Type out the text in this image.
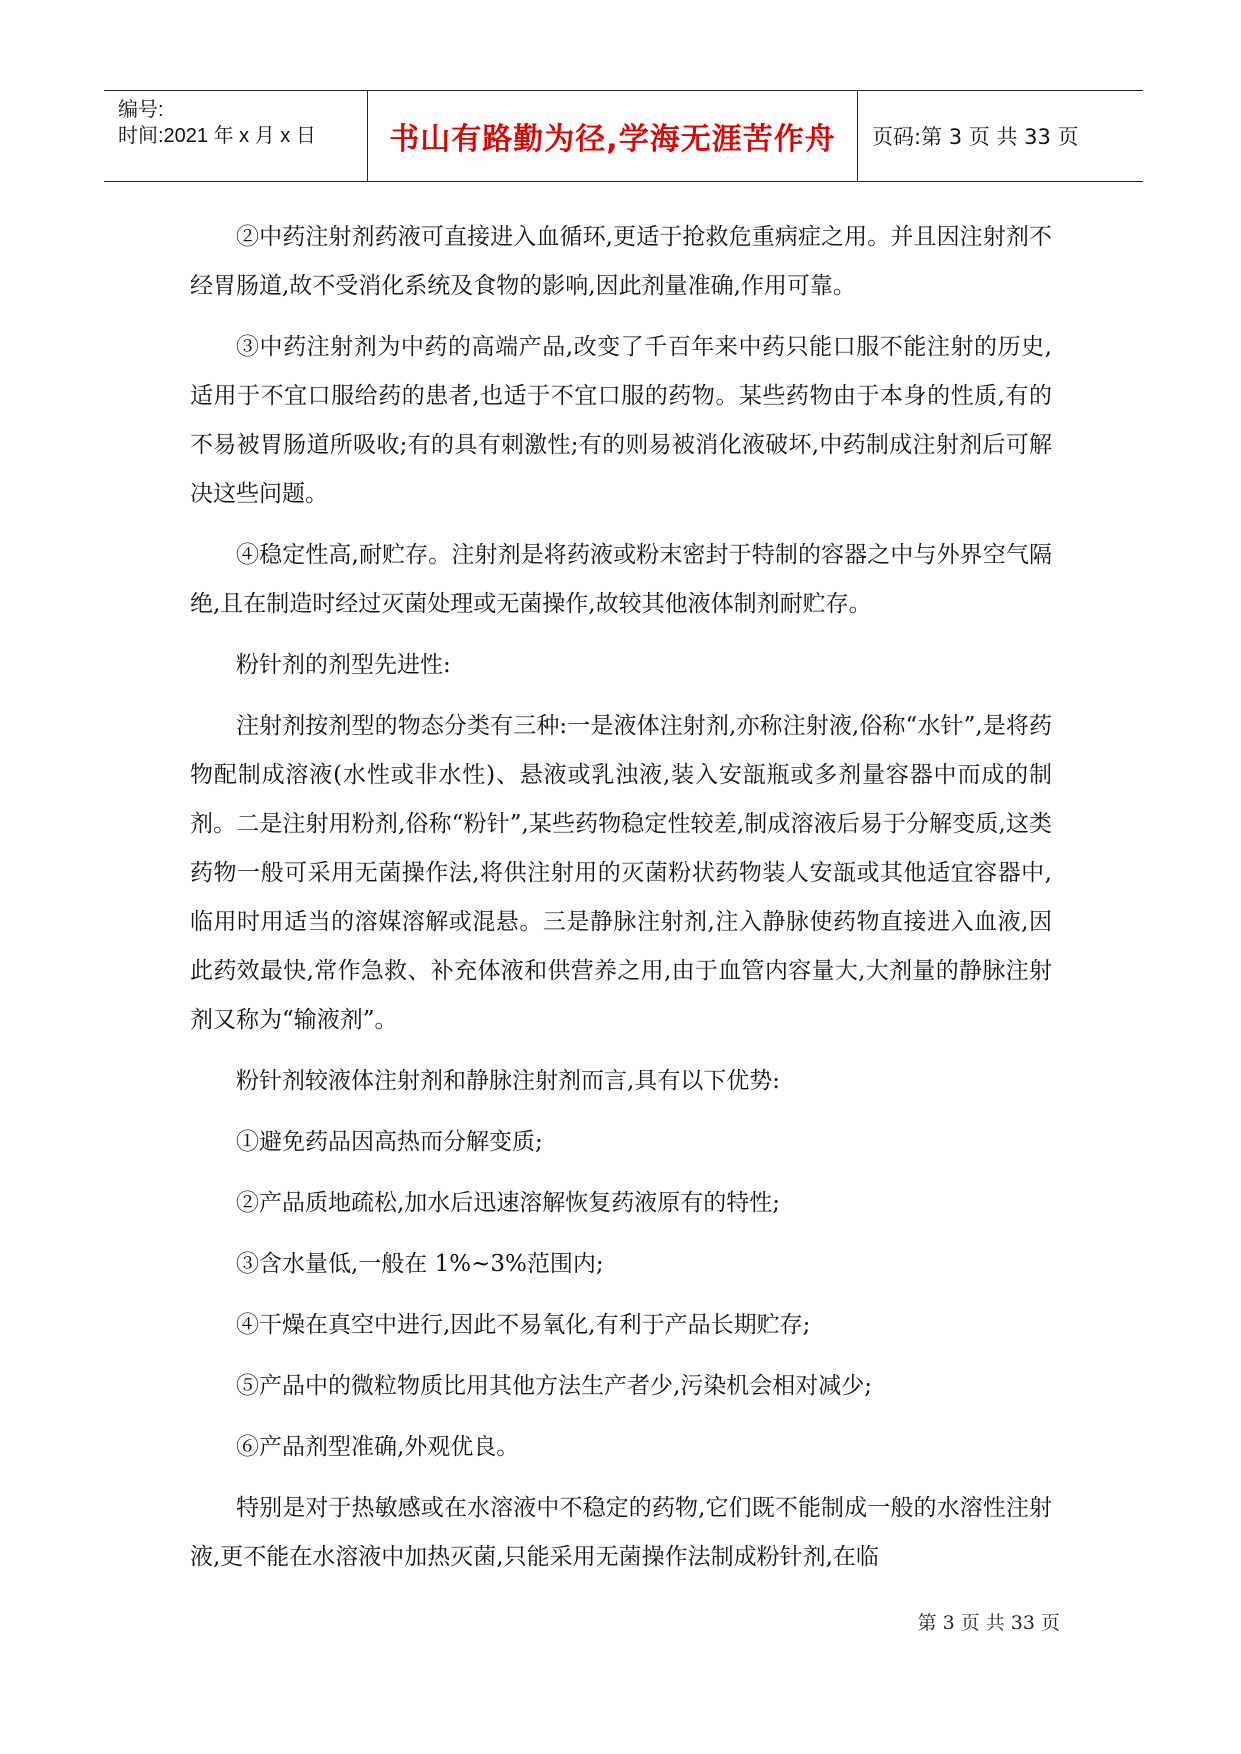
编号:
时间:2021 年 x 月 x 日 书山有路勤为径,学海无涯苦作舟 页码:第 3 页 共 33 页

②中药注射剂药液可直接进入血循环,更适于抢救危重病症之用。并且因注射剂不经胃肠道,故不受消化系统及食物的影响,因此剂量准确,作用可靠。

③中药注射剂为中药的高端产品,改变了千百年来中药只能口服不能注射的历史,适用于不宜口服给药的患者,也适于不宜口服的药物。某些药物由于本身的性质,有的不易被胃肠道所吸收;有的具有刺激性;有的则易被消化液破坏,中药制成注射剂后可解决这些问题。

④稳定性高,耐贮存。注射剂是将药液或粉末密封于特制的容器之中与外界空气隔绝,且在制造时经过灭菌处理或无菌操作,故较其他液体制剂耐贮存。

粉针剂的剂型先进性:

注射剂按剂型的物态分类有三种:一是液体注射剂,亦称注射液,俗称“水针”,是将药物配制成溶液(水性或非水性)、悬液或乳浊液,装入安瓿瓶或多剂量容器中而成的制剂。二是注射用粉剂,俗称“粉针”,某些药物稳定性较差,制成溶液后易于分解变质,这类药物一般可采用无菌操作法,将供注射用的灭菌粉状药物装人安瓿或其他适宜容器中,临用时用适当的溶媒溶解或混悬。三是静脉注射剂,注入静脉使药物直接进入血液,因此药效最快,常作急救、补充体液和供营养之用,由于血管内容量大,大剂量的静脉注射剂又称为“输液剂”。

粉针剂较液体注射剂和静脉注射剂而言,具有以下优势:

①避免药品因高热而分解变质;

②产品质地疏松,加水后迅速溶解恢复药液原有的特性;

③含水量低,一般在 1%~3%范围内;

④干燥在真空中进行,因此不易氧化,有利于产品长期贮存;

⑤产品中的微粒物质比用其他方法生产者少,污染机会相对减少;

⑥产品剂型准确,外观优良。

特别是对于热敏感或在水溶液中不稳定的药物,它们既不能制成一般的水溶性注射液,更不能在水溶液中加热灭菌,只能采用无菌操作法制成粉针剂,在临

第 3 页 共 33 页
